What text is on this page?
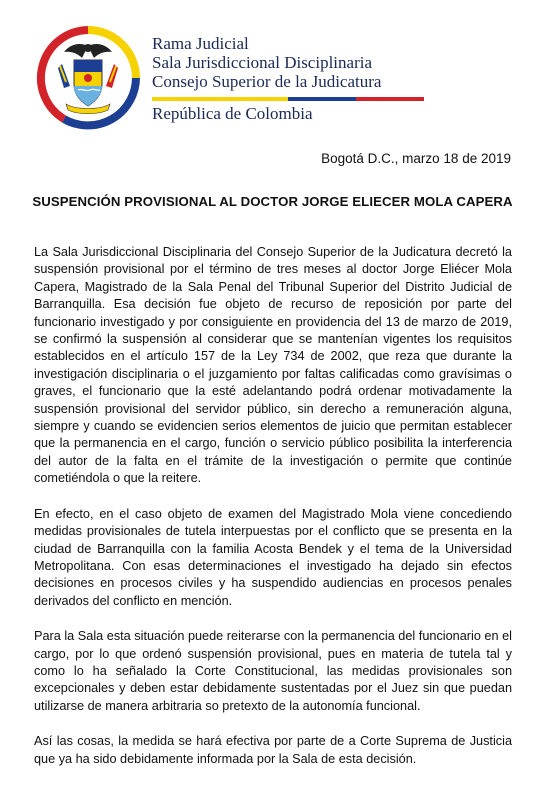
Rama Judicial
Sala Jurisdiccional Disciplinaria
Consejo Superior de la Judicatura
República de Colombia
Bogotá D.C., marzo 18 de 2019
SUSPENCIÓN PROVISIONAL AL DOCTOR JORGE ELIECER MOLA CAPERA

La Sala Jurisdiccional Disciplinaria del Consejo Superior de la Judicatura decretó la suspensión provisional por el término de tres meses al doctor Jorge Eliécer Mola Capera, Magistrado de la Sala Penal del Tribunal Superior del Distrito Judicial de Barranquilla. Esa decisión fue objeto de recurso de reposición por parte del funcionario investigado y por consiguiente en providencia del 13 de marzo de 2019, se confirmó la suspensión al considerar que se mantenían vigentes los requisitos establecidos en el artículo 157 de la Ley 734 de 2002, que reza que durante la investigación disciplinaria o el juzgamiento por faltas calificadas como gravísimas o graves, el funcionario que la esté adelantando podrá ordenar motivadamente la suspensión provisional del servidor público, sin derecho a remuneración alguna, siempre y cuando se evidencien serios elementos de juicio que permitan establecer que la permanencia en el cargo, función o servicio público posibilita la interferencia del autor de la falta en el trámite de la investigación o permite que continúe cometiéndola o que la reitere.

En efecto, en el caso objeto de examen del Magistrado Mola viene concediendo medidas provisionales de tutela interpuestas por el conflicto que se presenta en la ciudad de Barranquilla con la familia Acosta Bendek y el tema de la Universidad Metropolitana. Con esas determinaciones el investigado ha dejado sin efectos decisiones en procesos civiles y ha suspendido audiencias en procesos penales derivados del conflicto en mención.

Para la Sala esta situación puede reiterarse con la permanencia del funcionario en el cargo, por lo que ordenó suspensión provisional, pues en materia de tutela tal y como lo ha señalado la Corte Constitucional, las medidas provisionales son excepcionales y deben estar debidamente sustentadas por el Juez sin que puedan utilizarse de manera arbitraria so pretexto de la autonomía funcional.

Así las cosas, la medida se hará efectiva por parte de a Corte Suprema de Justicia que ya ha sido debidamente informada por la Sala de esta decisión.
